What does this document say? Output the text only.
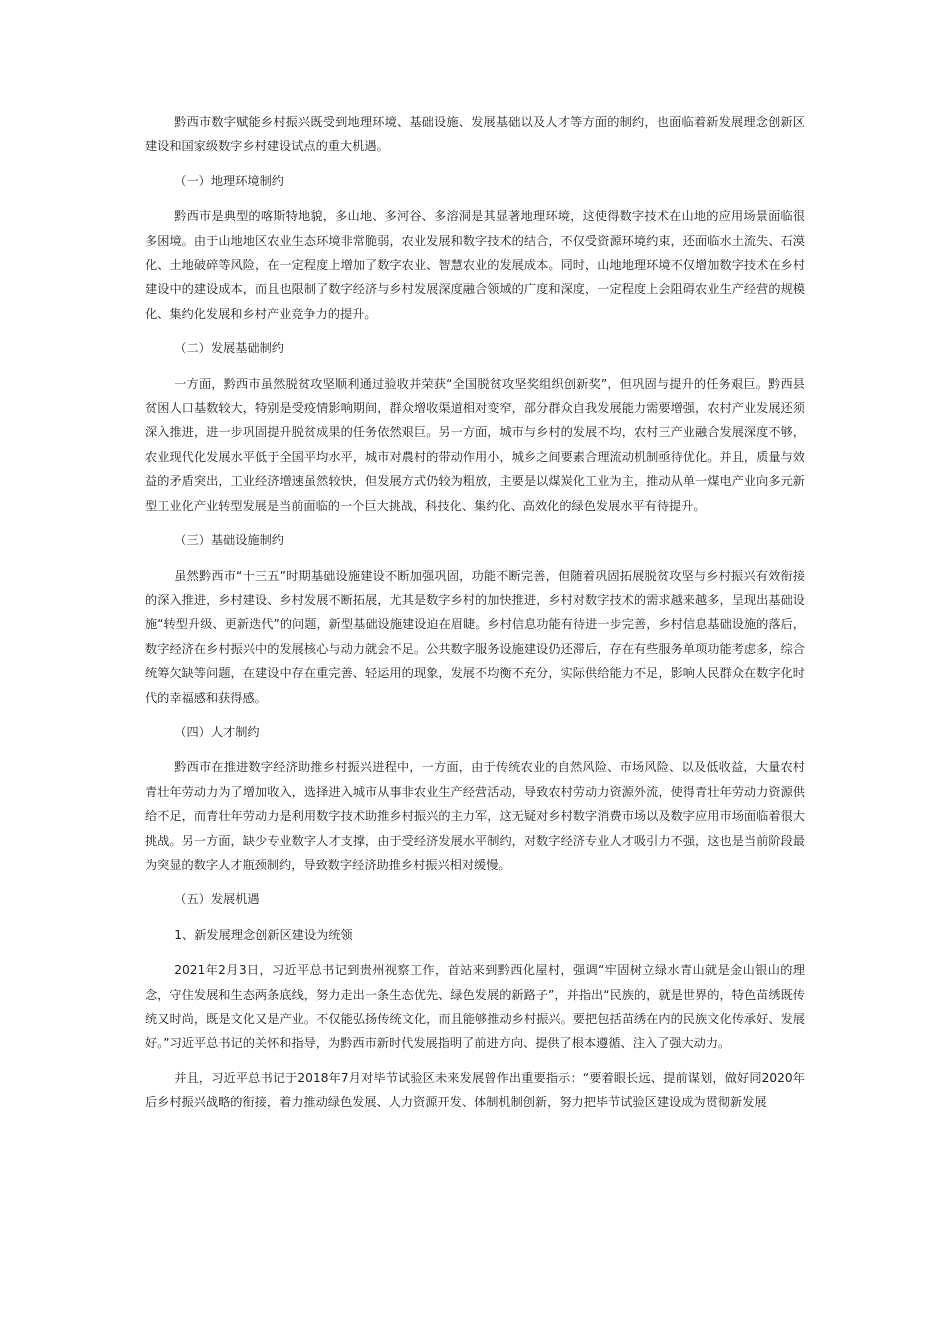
黔西市数字赋能乡村振兴既受到地理环境、基础设施、发展基础以及人才等方面的制约，也面临着新发展理念创新区建设和国家级数字乡村建设试点的重大机遇。

（一）地理环境制约

黔西市是典型的喀斯特地貌，多山地、多河谷、多溶洞是其显著地理环境，这使得数字技术在山地的应用场景面临很多困境。由于山地地区农业生态环境非常脆弱，农业发展和数字技术的结合，不仅受资源环境约束，还面临水土流失、石漠化、土地破碎等风险，在一定程度上增加了数字农业、智慧农业的发展成本。同时，山地地理环境不仅增加数字技术在乡村建设中的建设成本，而且也限制了数字经济与乡村发展深度融合领域的广度和深度，一定程度上会阻碍农业生产经营的规模化、集约化发展和乡村产业竞争力的提升。

（二）发展基础制约

一方面，黔西市虽然脱贫攻坚顺利通过验收并荣获“全国脱贫攻坚奖组织创新奖”，但巩固与提升的任务艰巨。黔西县贫困人口基数较大，特别是受疫情影响期间，群众增收渠道相对变窄，部分群众自我发展能力需要增强，农村产业发展还须深入推进，进一步巩固提升脱贫成果的任务依然艰巨。另一方面，城市与乡村的发展不均，农村三产业融合发展深度不够，农业现代化发展水平低于全国平均水平，城市对農村的带动作用小，城乡之间要素合理流动机制亟待优化。并且，质量与效益的矛盾突出，工业经济增速虽然较快，但发展方式仍较为粗放，主要是以煤炭化工业为主，推动从单一煤电产业向多元新型工业化产业转型发展是当前面临的一个巨大挑战，科技化、集约化、高效化的绿色发展水平有待提升。

（三）基础设施制约

虽然黔西市“十三五”时期基础设施建设不断加强巩固，功能不断完善，但随着巩固拓展脱贫攻坚与乡村振兴有效衔接的深入推进，乡村建设、乡村发展不断拓展，尤其是数字乡村的加快推进，乡村对数字技术的需求越来越多，呈现出基础设施“转型升级、更新迭代”的问题，新型基础设施建设迫在眉睫。乡村信息功能有待进一步完善，乡村信息基础设施的落后，数字经济在乡村振兴中的发展核心与动力就会不足。公共数字服务设施建设仍还滞后，存在有些服务单项功能考虑多，综合统筹欠缺等问题，在建设中存在重完善、轻运用的现象，发展不均衡不充分，实际供给能力不足，影响人民群众在数字化时代的幸福感和获得感。

（四）人才制约

黔西市在推进数字经济助推乡村振兴进程中，一方面，由于传统农业的自然风险、市场风险、以及低收益，大量农村青壮年劳动力为了增加收入，选择进入城市从事非农业生产经营活动，导致农村劳动力资源外流，使得青壮年劳动力资源供给不足，而青壮年劳动力是利用数字技术助推乡村振兴的主力军，这无疑对乡村数字消费市场以及数字应用市场面临着很大挑战。另一方面，缺少专业数字人才支撑，由于受经济发展水平制约，对数字经济专业人才吸引力不强，这也是当前阶段最为突显的数字人才瓶颈制约，导致数字经济助推乡村振兴相对缓慢。

（五）发展机遇

1、新发展理念创新区建设为统领

2021年2月3日，习近平总书记到贵州视察工作，首站来到黔西化屋村，强调“牢固树立绿水青山就是金山银山的理念，守住发展和生态两条底线，努力走出一条生态优先、绿色发展的新路子”，并指出“民族的，就是世界的，特色苗绣既传统又时尚，既是文化又是产业。不仅能弘扬传统文化，而且能够推动乡村振兴。要把包括苗绣在内的民族文化传承好、发展好。”习近平总书记的关怀和指导，为黔西市新时代发展指明了前进方向、提供了根本遵循、注入了强大动力。

并且，习近平总书记于2018年7月对毕节试验区未来发展曾作出重要指示：“要着眼长远、提前谋划，做好同2020年后乡村振兴战略的衔接，着力推动绿色发展、人力资源开发、体制机制创新，努力把毕节试验区建设成为贯彻新发展
